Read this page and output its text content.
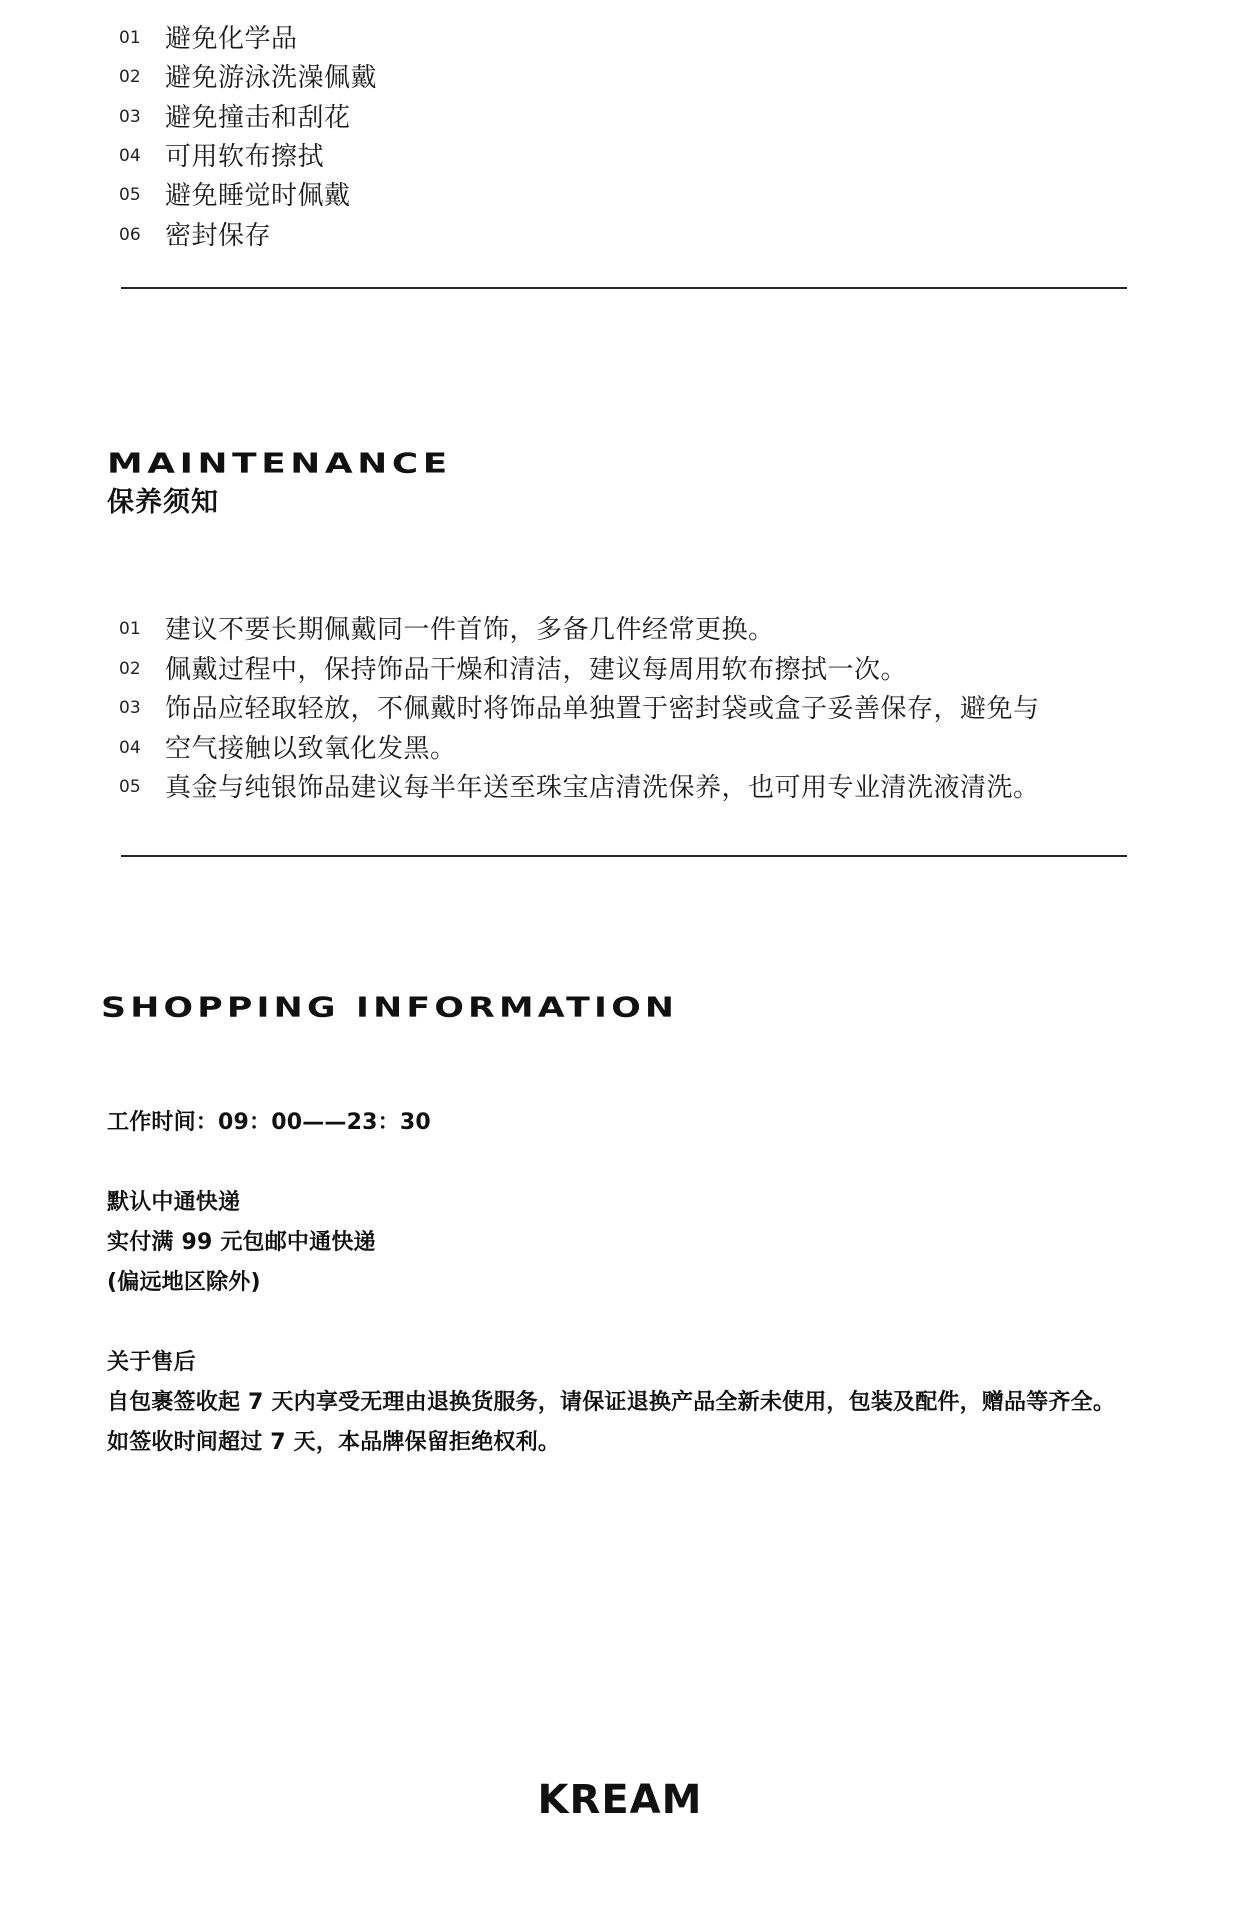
01 避免化学品
02 避免游泳洗澡佩戴
03 避免撞击和刮花
04 可用软布擦拭
05 避免睡觉时佩戴
06 密封保存
MAINTENANCE
保养须知
01 建议不要长期佩戴同一件首饰，多备几件经常更换。
02 佩戴过程中，保持饰品干燥和清洁，建议每周用软布擦拭一次。
03 饰品应轻取轻放，不佩戴时将饰品单独置于密封袋或盒子妥善保存，避免与
04 空气接触以致氧化发黑。
05 真金与纯银饰品建议每半年送至珠宝店清洗保养，也可用专业清洗液清洗。
SHOPPING INFORMATION
工作时间：09：00——23：30
默认中通快递
实付满 99 元包邮中通快递
(偏远地区除外)
关于售后
自包裹签收起 7 天内享受无理由退换货服务，请保证退换产品全新未使用，包装及配件，赠品等齐全。
如签收时间超过 7 天，本品牌保留拒绝权利。
KREAM
